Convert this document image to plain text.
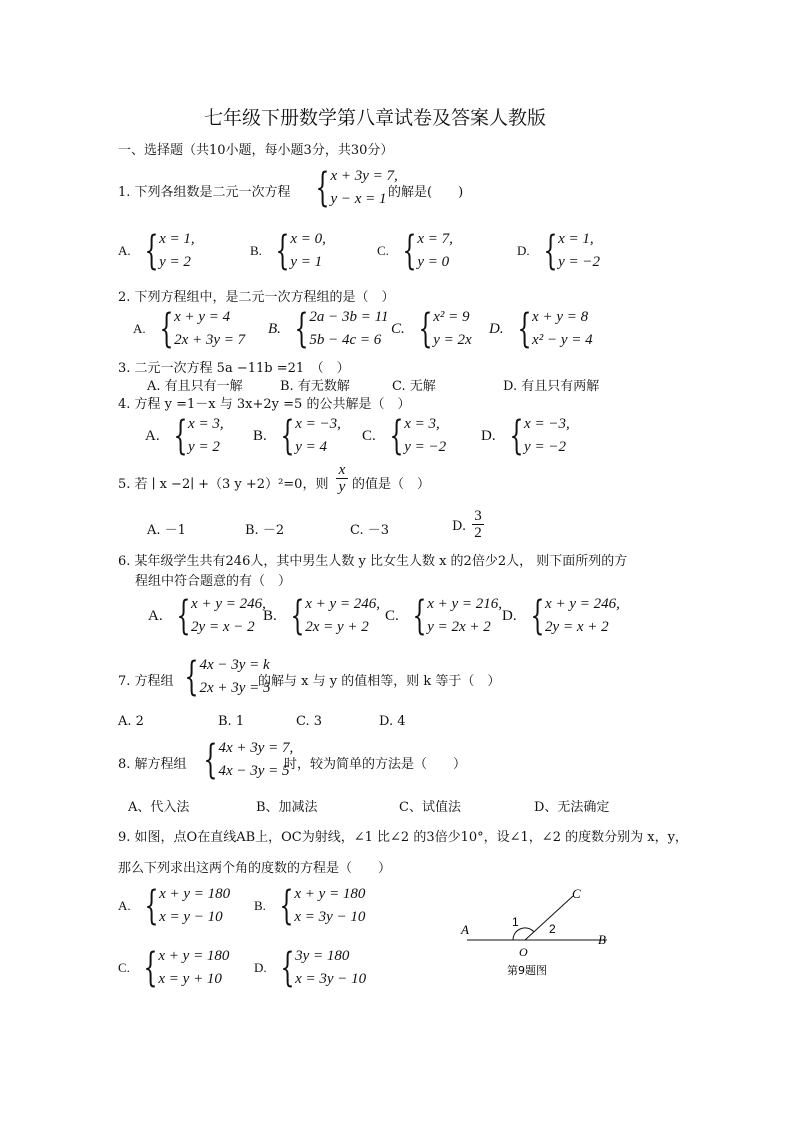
七年级下册数学第八章试卷及答案人教版
一、选择题（共10小题，每小题3分，共30分）
1. 下列各组数是二元一次方程 { x + 3y = 7,
y − x = 1 的解是(　　)
A. { x = 1,
y = 2
B. { x = 0,
y = 1
C. { x = 7,
y = 0
D. { x = 1,
y = −2
2. 下列方程组中，是二元一次方程组的是（　）
A. { x + y = 4
2x + 3y = 7
B. { 2a − 3b = 11
5b − 4c = 6
C. { x² = 9
y = 2x
D. { x + y = 8
x² − y = 4
3. 二元一次方程 5a −11b =21　（　）
A. 有且只有一解	B. 有无数解	C. 无解	D. 有且只有两解
4. 方程 y =1－x 与 3x+2y =5 的公共解是（　）
A. { x = 3,
y = 2
B. { x = −3,
y = 4
C. { x = 3,
y = −2
D. { x = −3,
y = −2
5. 若 ∣ x −2∣ +（3 y +2）²=0，则
x
y 的值是（　）
A. －1	B. －2	C. －3	D.
3
2
6. 某年级学生共有246人，其中男生人数 y 比女生人数 x 的2倍少2人， 则下面所列的方
程组中符合题意的有（　）
A. { x + y = 246,
2y = x − 2
B. { x + y = 246,
2x = y + 2
C. { x + y = 216,
y = 2x + 2
D. { x + y = 246,
2y = x + 2
7. 方程组 { 4x − 3y = k
2x + 3y = 5
的解与 x 与 y 的值相等，则 k 等于（　）
A. 2	B. 1	C. 3	D. 4
8. 解方程组 { 4x + 3y = 7,
4x − 3y = 5
时，较为简单的方法是（　　）
A、代入法	B、加减法	C、试值法	D、无法确定
9. 如图，点O在直线AB上，OC为射线，∠1 比∠2 的3倍少10°，设∠1，∠2 的度数分别为 x，y，
那么下列求出这两个角的度数的方程是（　　）
A. { x + y = 180
x = y − 10
B. { x + y = 180
x = 3y − 10
C. { x + y = 180
x = y + 10
D. { 3y = 180
x = 3y − 10
A
B
C
O
1	2
第9题图
